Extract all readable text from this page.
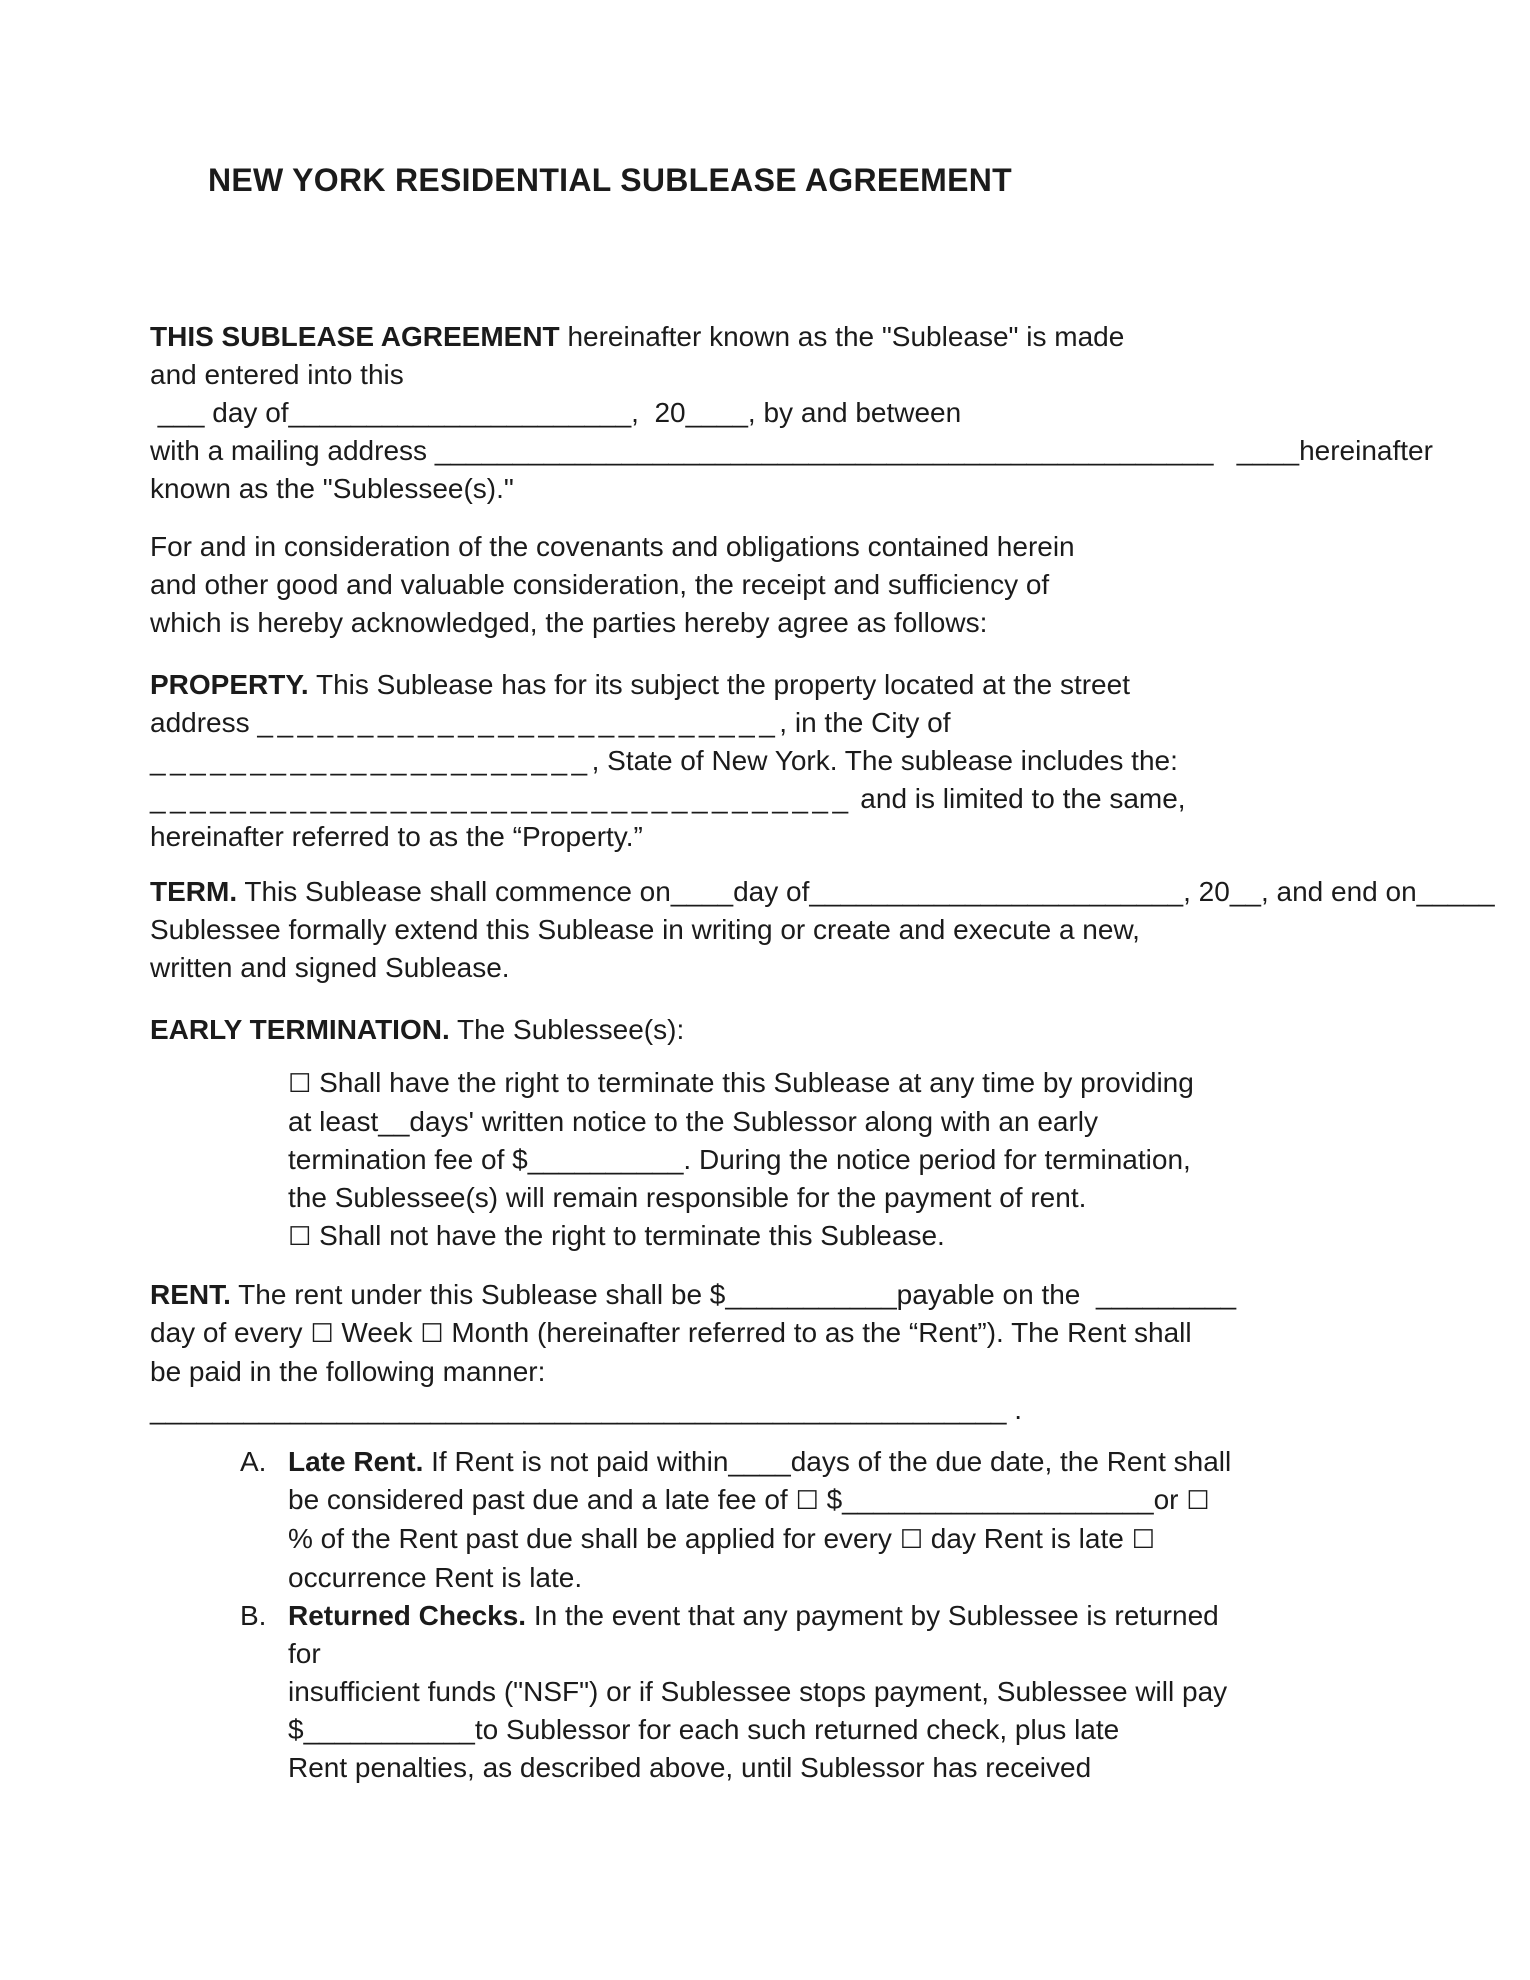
NEW YORK RESIDENTIAL SUBLEASE AGREEMENT
THIS SUBLEASE AGREEMENT hereinafter known as the "Sublease" is made
and entered into this
___ day of______________________,  20____, by and between
with a mailing address __________________________________________________   ____hereinafter
known as the "Sublessee(s)."
For and in consideration of the covenants and obligations contained herein
and other good and valuable consideration, the receipt and sufficiency of
which is hereby acknowledged, the parties hereby agree as follows:
PROPERTY. This Sublease has for its subject the property located at the street
address __________________________, in the City of
______________________, State of New York. The sublease includes the:
___________________________________ and is limited to the same,
hereinafter referred to as the “Property.”
TERM. This Sublease shall commence on____day of________________________, 20__, and end on_____
Sublessee formally extend this Sublease in writing or create and execute a new,
written and signed Sublease.
EARLY TERMINATION. The Sublessee(s):
☐ Shall have the right to terminate this Sublease at any time by providing
at least__days' written notice to the Sublessor along with an early
termination fee of $__________. During the notice period for termination,
the Sublessee(s) will remain responsible for the payment of rent.
☐ Shall not have the right to terminate this Sublease.
RENT. The rent under this Sublease shall be $___________payable on the  _________
day of every ☐ Week ☐ Month (hereinafter referred to as the “Rent”). The Rent shall
be paid in the following manner:
_______________________________________________________ .
A. Late Rent. If Rent is not paid within____days of the due date, the Rent shall
be considered past due and a late fee of ☐ $____________________or ☐
% of the Rent past due shall be applied for every ☐ day Rent is late ☐
occurrence Rent is late.
B. Returned Checks. In the event that any payment by Sublessee is returned
for
insufficient funds ("NSF") or if Sublessee stops payment, Sublessee will pay
$___________to Sublessor for each such returned check, plus late
Rent penalties, as described above, until Sublessor has received
